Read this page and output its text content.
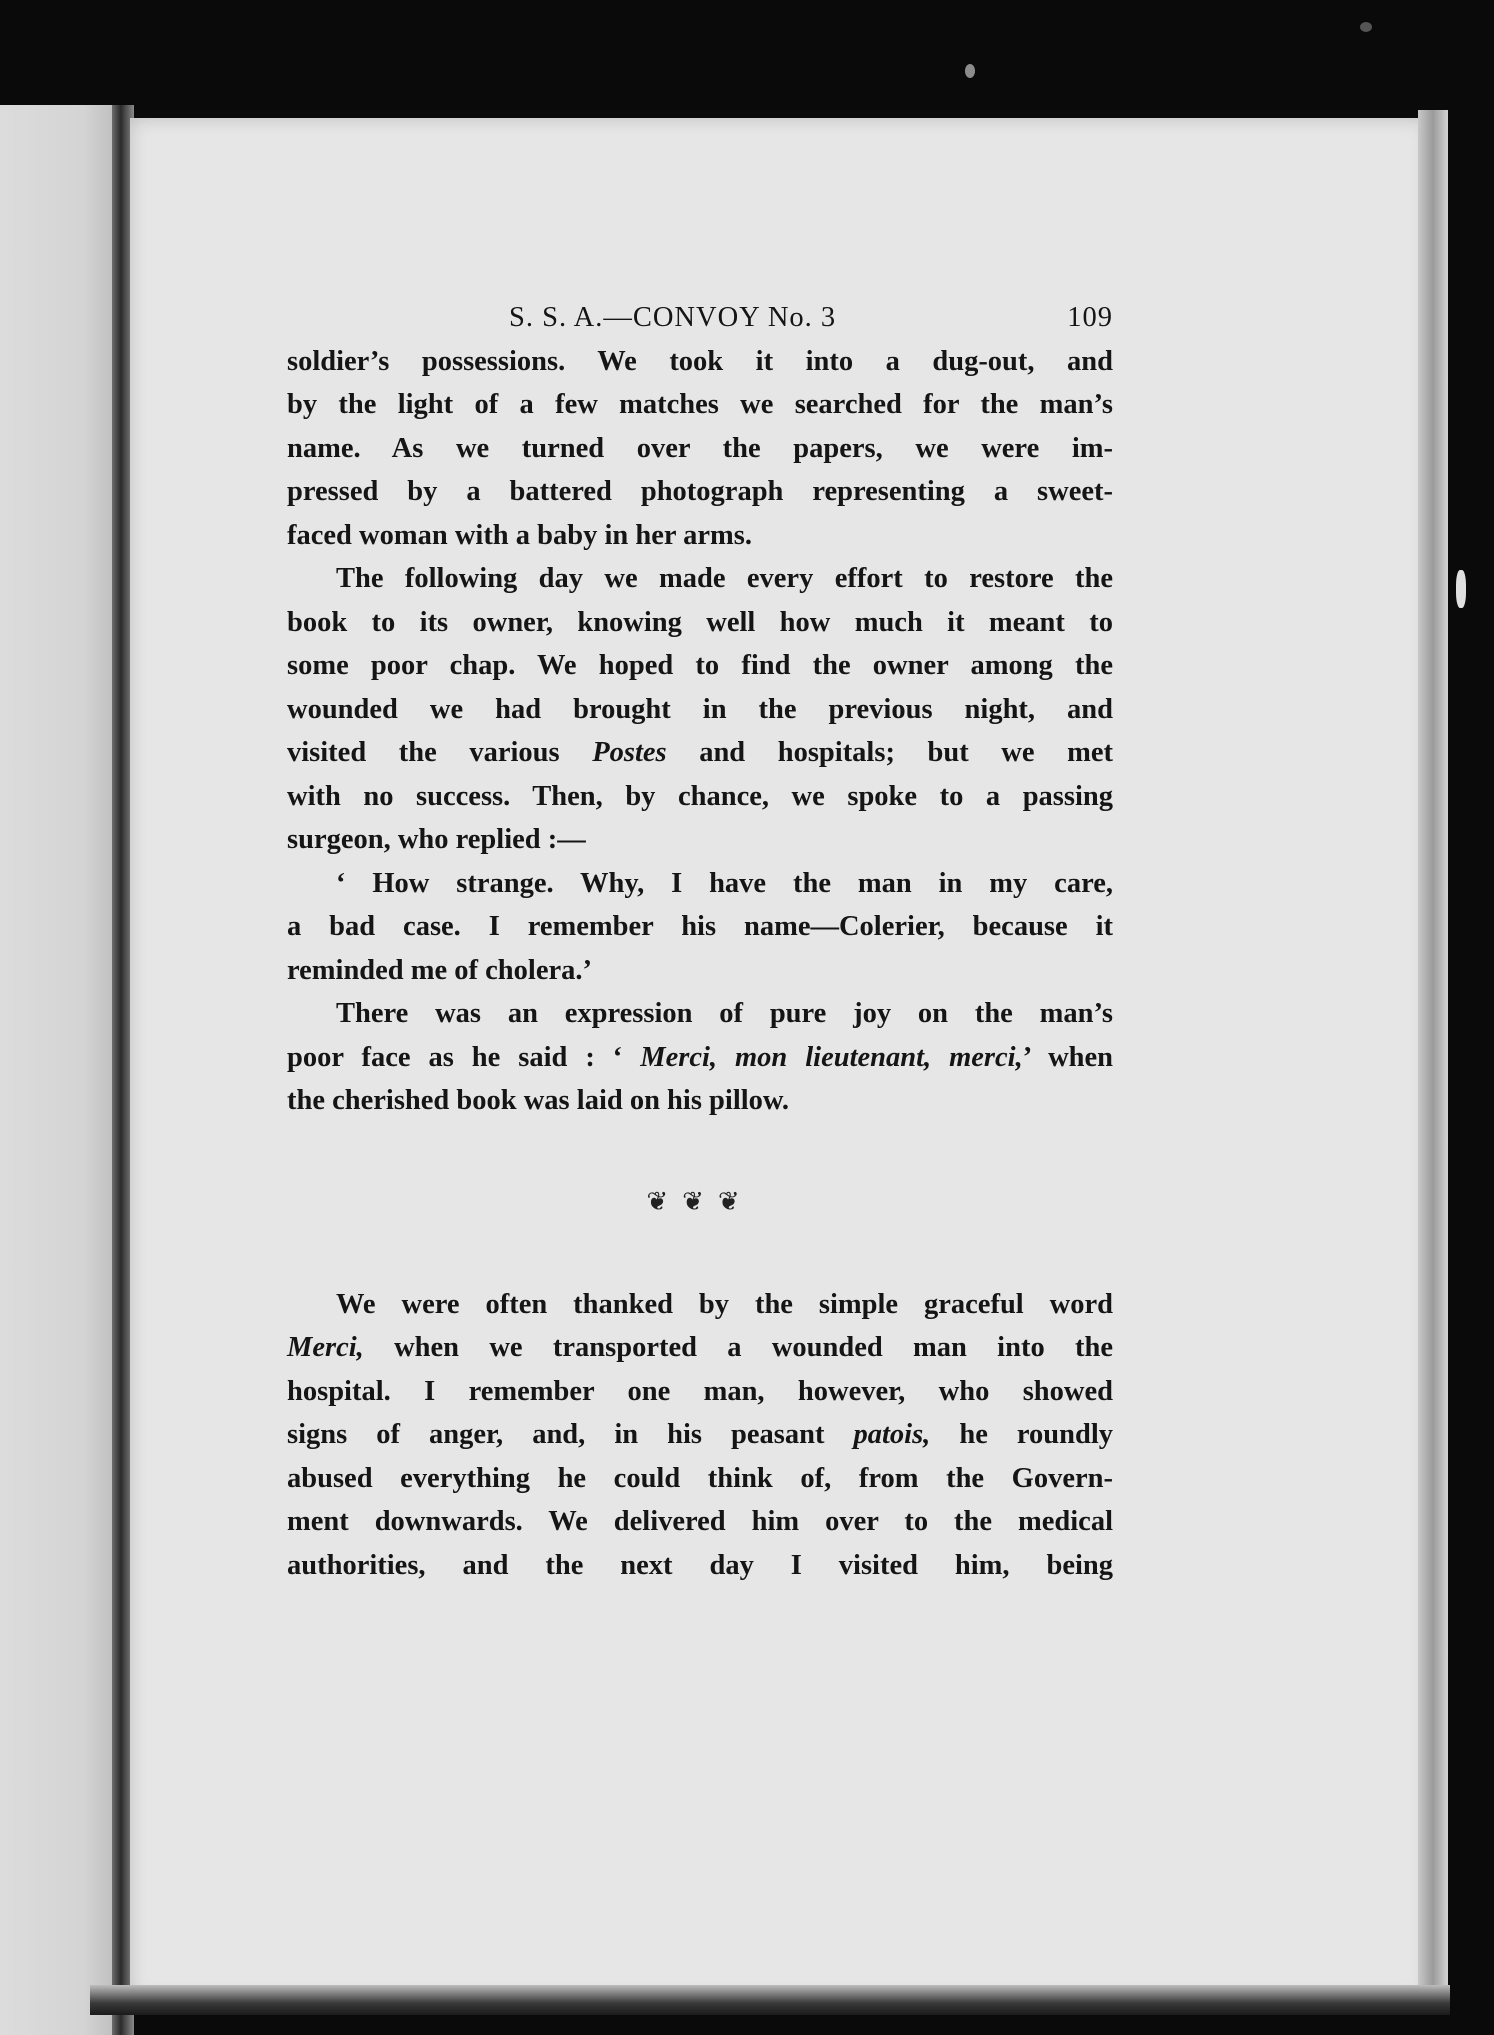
S. S. A.—CONVOY No. 3	109
soldier’s possessions. We took it into a dug-out, and
by the light of a few matches we searched for the man’s
name. As we turned over the papers, we were im-
pressed by a battered photograph representing a sweet-
faced woman with a baby in her arms.
The following day we made every effort to restore the
book to its owner, knowing well how much it meant to
some poor chap. We hoped to find the owner among the
wounded we had brought in the previous night, and
visited the various Postes and hospitals; but we met
with no success. Then, by chance, we spoke to a passing
surgeon, who replied :—
‘ How strange. Why, I have the man in my care,
a bad case. I remember his name—Colerier, because it
reminded me of cholera.’
There was an expression of pure joy on the man’s
poor face as he said : ‘ Merci, mon lieutenant, merci,’ when
the cherished book was laid on his pillow.
❦❦❦
We were often thanked by the simple graceful word
Merci, when we transported a wounded man into the
hospital. I remember one man, however, who showed
signs of anger, and, in his peasant patois, he roundly
abused everything he could think of, from the Govern-
ment downwards. We delivered him over to the medical
authorities, and the next day I visited him, being
